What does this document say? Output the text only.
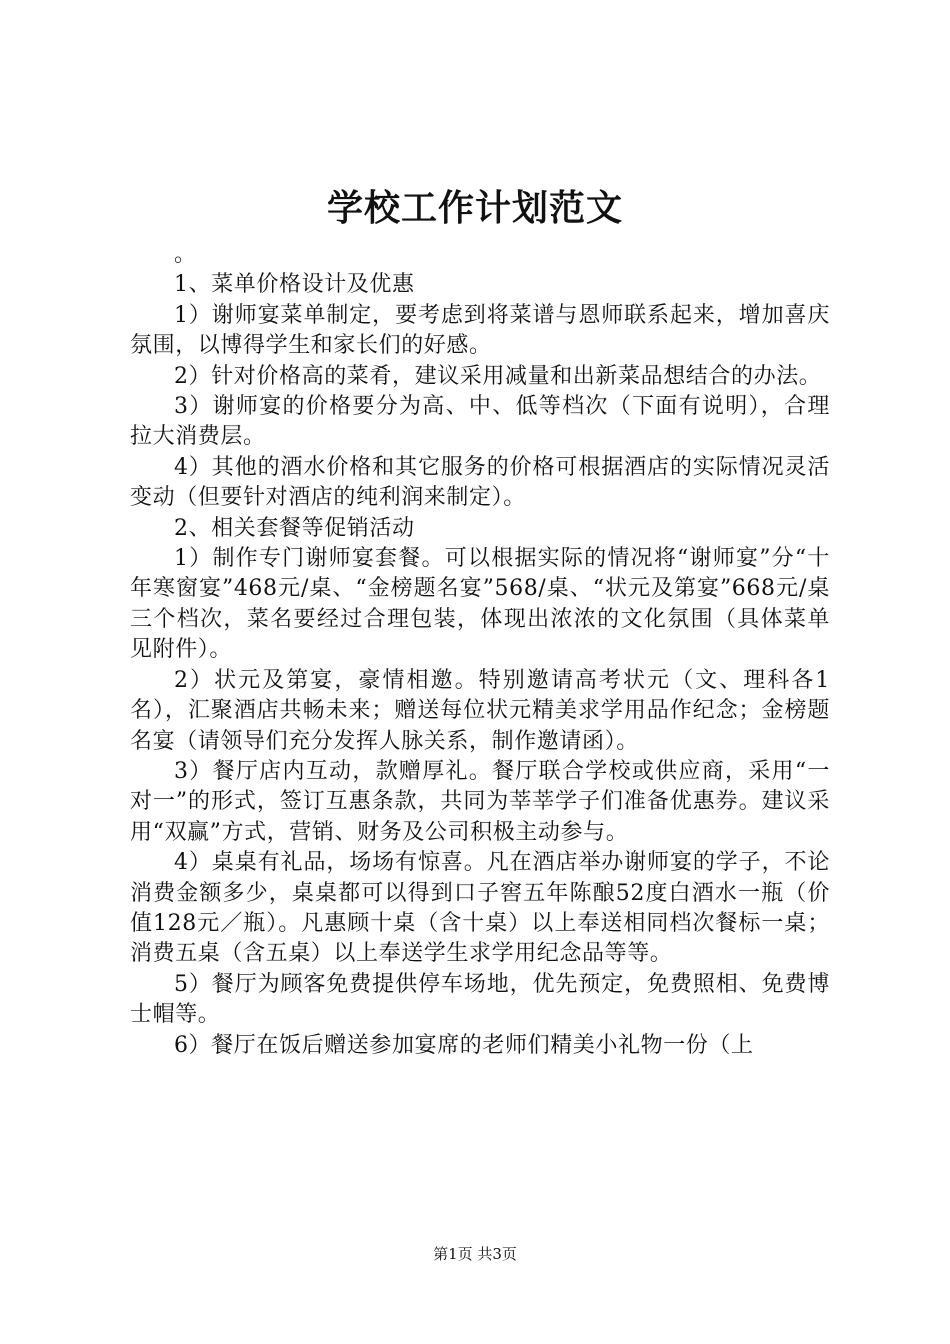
学校工作计划范文

。

1、菜单价格设计及优惠

1）谢师宴菜单制定，要考虑到将菜谱与恩师联系起来，增加喜庆氛围，以博得学生和家长们的好感。

2）针对价格高的菜肴，建议采用减量和出新菜品想结合的办法。

3）谢师宴的价格要分为高、中、低等档次（下面有说明），合理拉大消费层。

4）其他的酒水价格和其它服务的价格可根据酒店的实际情况灵活变动（但要针对酒店的纯利润来制定）。

2、相关套餐等促销活动

1）制作专门谢师宴套餐。可以根据实际的情况将“谢师宴”分“十年寒窗宴”468元/桌、“金榜题名宴”568/桌、“状元及第宴”668元/桌三个档次，菜名要经过合理包装，体现出浓浓的文化氛围（具体菜单见附件）。

2）状元及第宴，豪情相邀。特别邀请高考状元（文、理科各1名），汇聚酒店共畅未来；赠送每位状元精美求学用品作纪念；金榜题名宴（请领导们充分发挥人脉关系，制作邀请函）。

3）餐厅店内互动，款赠厚礼。餐厅联合学校或供应商，采用“一对一”的形式，签订互惠条款，共同为莘莘学子们准备优惠券。建议采用“双赢”方式，营销、财务及公司积极主动参与。

4）桌桌有礼品，场场有惊喜。凡在酒店举办谢师宴的学子，不论消费金额多少，桌桌都可以得到口子窖五年陈酿52度白酒水一瓶（价值128元／瓶）。凡惠顾十桌（含十桌）以上奉送相同档次餐标一桌；消费五桌（含五桌）以上奉送学生求学用纪念品等等。

5）餐厅为顾客免费提供停车场地，优先预定，免费照相、免费博士帽等。

6）餐厅在饭后赠送参加宴席的老师们精美小礼物一份（上

第1页 共3页
